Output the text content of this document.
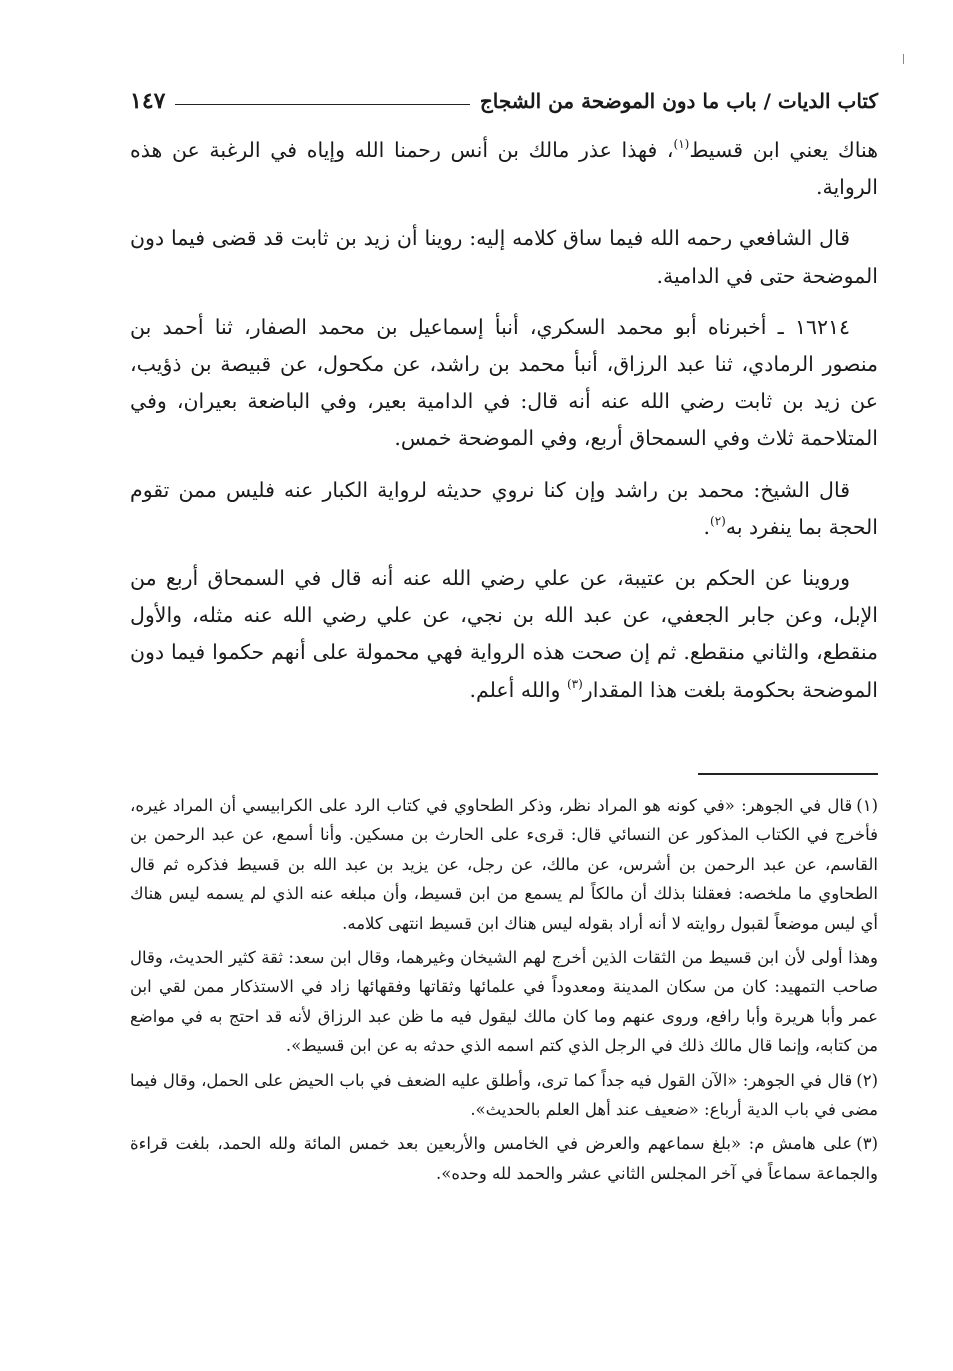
كتاب الديات / باب ما دون الموضحة من الشجاج
١٤٧

هناك يعني ابن قسيط$^{(١)}$، فهذا عذر مالك بن أنس رحمنا الله وإياه في الرغبة عن هذه الرواية.

قال الشافعي رحمه الله فيما ساق كلامه إليه: روينا أن زيد بن ثابت قد قضى فيما دون الموضحة حتى في الدامية.

١٦٢١٤ ـ أخبرناه أبو محمد السكري، أنبأ إسماعيل بن محمد الصفار، ثنا أحمد بن منصور الرمادي، ثنا عبد الرزاق، أنبأ محمد بن راشد، عن مكحول، عن قبيصة بن ذؤيب، عن زيد بن ثابت رضي الله عنه أنه قال: في الدامية بعير، وفي الباضعة بعيران، وفي المتلاحمة ثلاث وفي السمحاق أربع، وفي الموضحة خمس.

قال الشيخ: محمد بن راشد وإن كنا نروي حديثه لرواية الكبار عنه فليس ممن تقوم الحجة بما ينفرد به$^{(٢)}$.

وروينا عن الحكم بن عتيبة، عن علي رضي الله عنه أنه قال في السمحاق أربع من الإبل، وعن جابر الجعفي، عن عبد الله بن نجي، عن علي رضي الله عنه مثله، والأول منقطع، والثاني منقطع. ثم إن صحت هذه الرواية فهي محمولة على أنهم حكموا فيما دون الموضحة بحكومة بلغت هذا المقدار$^{(٣)}$ والله أعلم.

(١)قال في الجوهر: «في كونه هو المراد نظر، وذكر الطحاوي في كتاب الرد على الكرابيسي أن المراد غيره، فأخرج في الكتاب المذكور عن النسائي قال: قرىء على الحارث بن مسكين. وأنا أسمع، عن عبد الرحمن بن القاسم، عن عبد الرحمن بن أشرس، عن مالك، عن رجل، عن يزيد بن عبد الله بن قسيط فذكره ثم قال الطحاوي ما ملخصه: فعقلنا بذلك أن مالكاً لم يسمع من ابن قسيط، وأن مبلغه عنه الذي لم يسمه ليس هناك أي ليس موضعاً لقبول روايته لا أنه أراد بقوله ليس هناك ابن قسيط انتهى كلامه.

وهذا أولى لأن ابن قسيط من الثقات الذين أخرج لهم الشيخان وغيرهما، وقال ابن سعد: ثقة كثير الحديث، وقال صاحب التمهيد: كان من سكان المدينة ومعدوداً في علمائها وثقاتها وفقهائها زاد في الاستذكار ممن لقي ابن عمر وأبا هريرة وأبا رافع، وروى عنهم وما كان مالك ليقول فيه ما ظن عبد الرزاق لأنه قد احتج به في مواضع من كتابه، وإنما قال مالك ذلك في الرجل الذي كتم اسمه الذي حدثه به عن ابن قسيط».

(٢)قال في الجوهر: «الآن القول فيه جداً كما ترى، وأطلق عليه الضعف في باب الحيض على الحمل، وقال فيما مضى في باب الدية أرباع: «ضعيف عند أهل العلم بالحديث».

(٣)على هامش م: «بلغ سماعهم والعرض في الخامس والأربعين بعد خمس المائة ولله الحمد، بلغت قراءة والجماعة سماعاً في آخر المجلس الثاني عشر والحمد لله وحده».
